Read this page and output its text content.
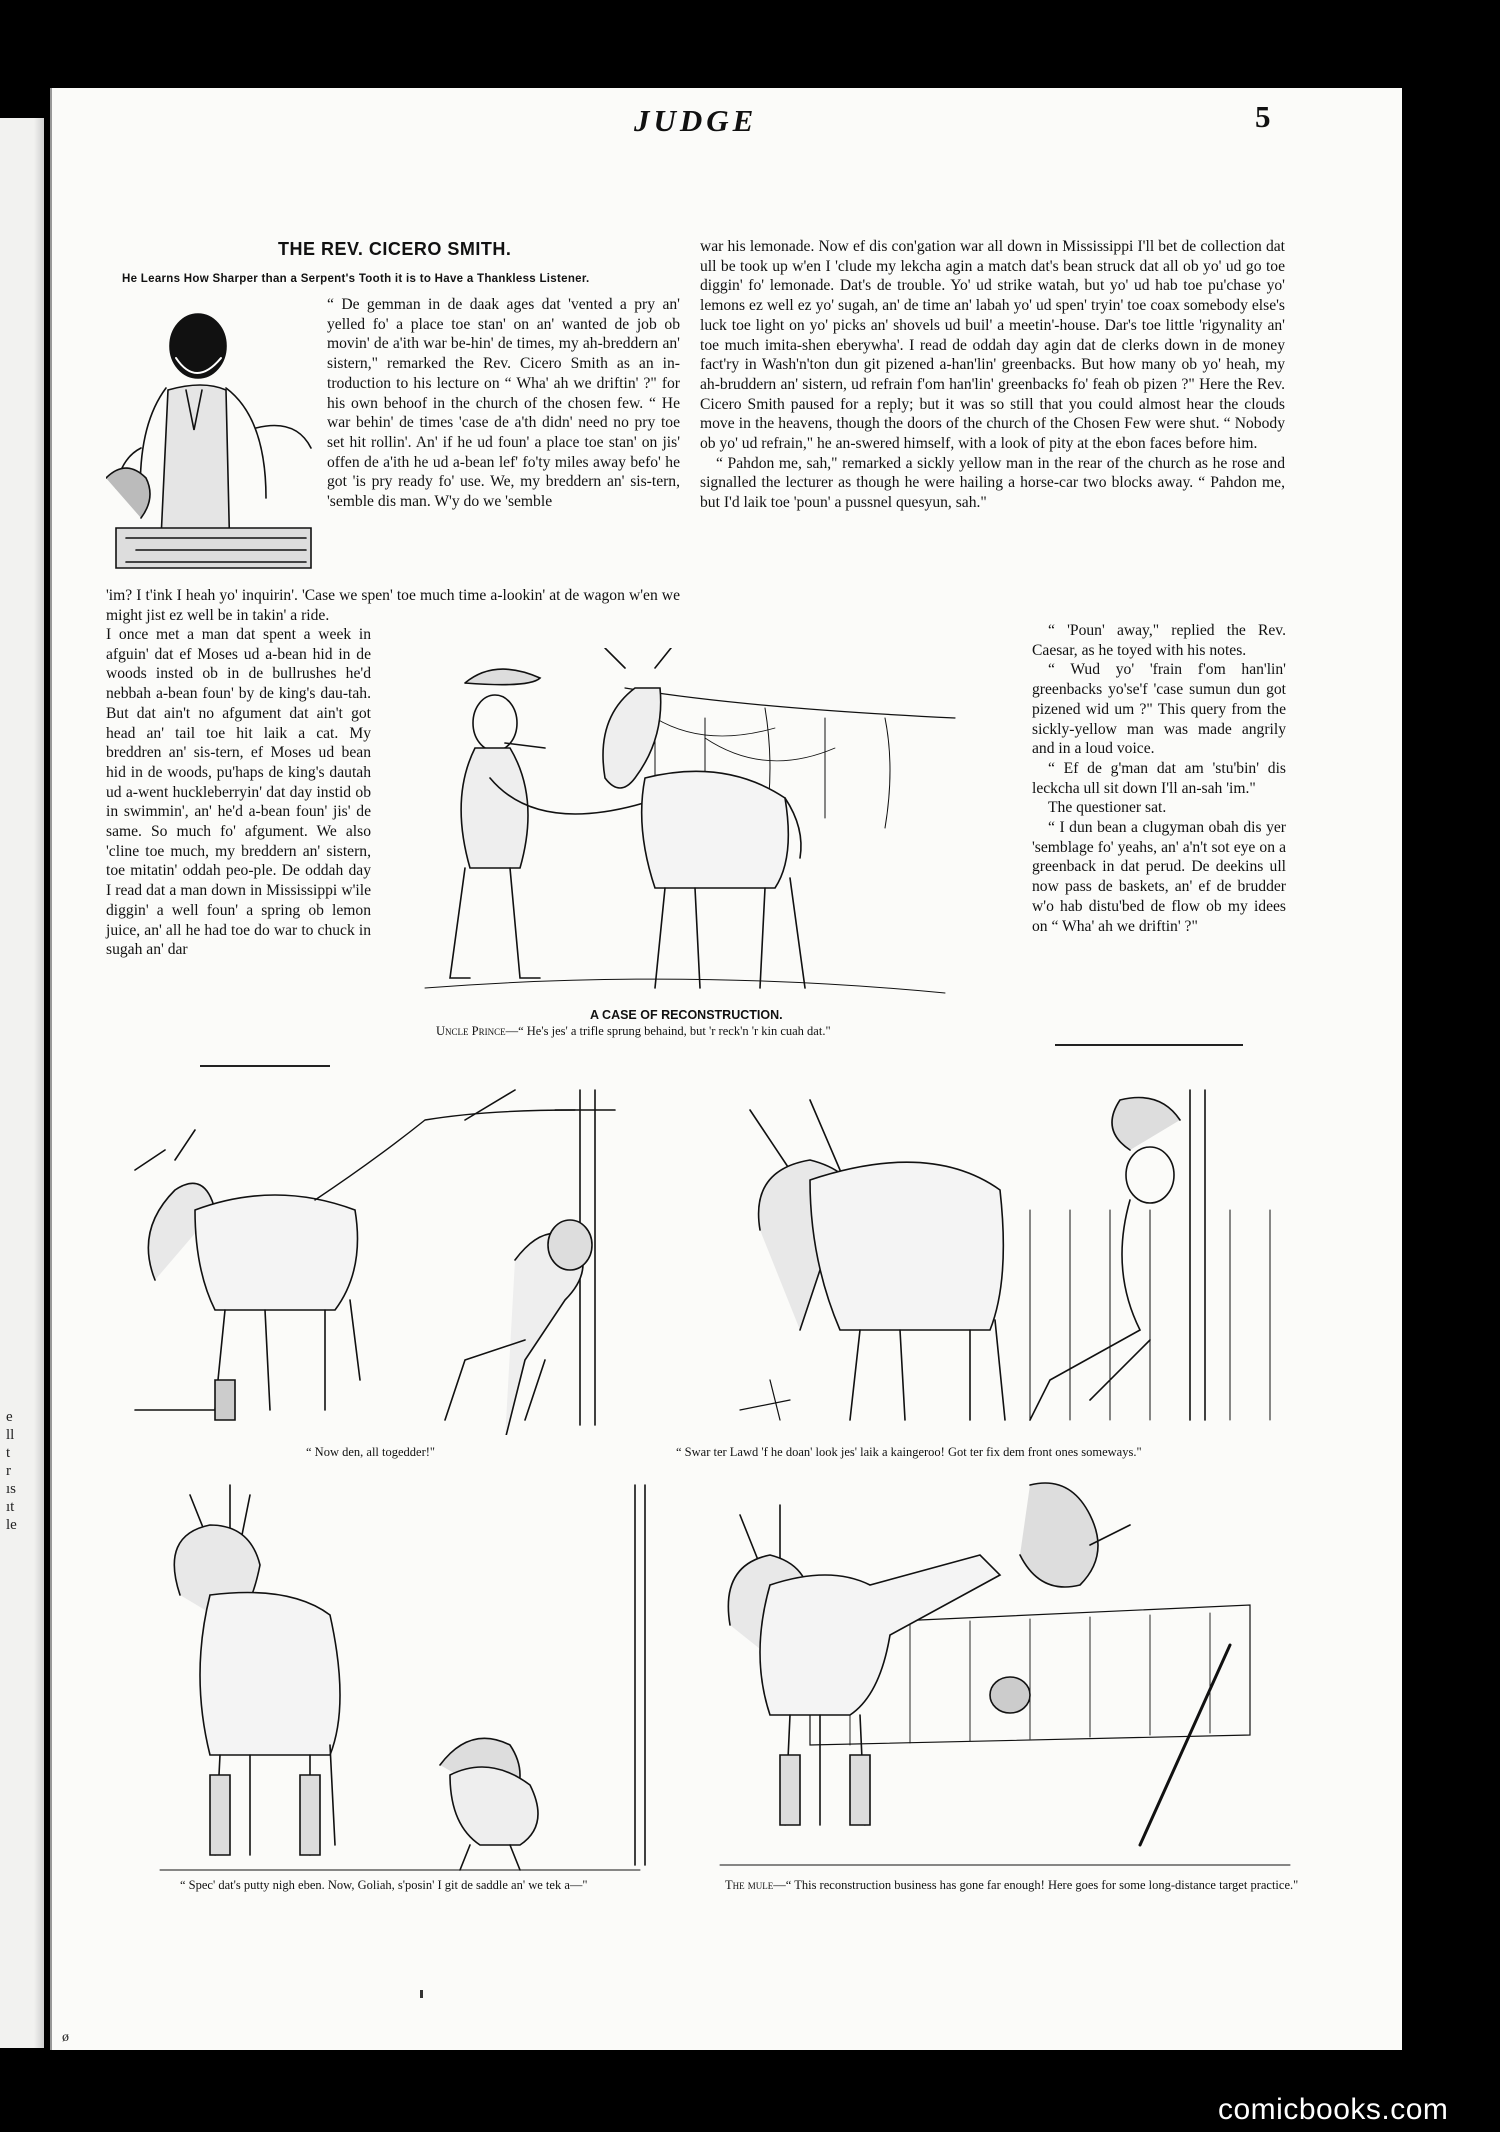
e
ll
t
r
ıs
ıt
le
JUDGE	5
THE REV. CICERO SMITH.
He Learns How Sharper than a Serpent's Tooth it is to Have a Thankless Listener.
“ De gemman in de daak ages dat 'vented a pry an' yelled fo' a place toe stan' on an' wanted de job ob movin' de a'ith war be-hin' de times, my ah-breddern an' sistern," remarked the Rev. Cicero Smith as an in-troduction to his lecture on “ Wha' ah we driftin' ?" for his own behoof in the church of the chosen few. “ He war behin' de times 'case de a'th didn' need no pry toe set hit rollin'. An' if he ud foun' a place toe stan' on jis' offen de a'ith he ud a-bean lef' fo'ty miles away befo' he got 'is pry ready fo' use. We, my breddern an' sis-tern, 'semble dis man. W'y do we 'semble
'im? I t'ink I heah yo' inquirin'. 'Case we spen' toe much time a-lookin' at de wagon w'en we might jist ez well be in takin' a ride.
I once met a man dat spent a week in afguin' dat ef Moses ud a-bean hid in de woods insted ob in de bullrushes he'd nebbah a-bean foun' by de king's dau-tah. But dat ain't no afgument dat ain't got head an' tail toe hit laik a cat. My breddren an' sis-tern, ef Moses ud bean hid in de woods, pu'haps de king's dautah ud a-went huckleberryin' dat day instid ob in swimmin', an' he'd a-bean foun' jis' de same. So much fo' afgument. We also 'cline toe much, my breddern an' sistern, toe mitatin' oddah peo-ple. De oddah day I read dat a man down in Mississippi w'ile diggin' a well foun' a spring ob lemon juice, an' all he had toe do war to chuck in sugah an' dar
war his lemonade. Now ef dis con'gation war all down in Mississippi I'll bet de collection dat ull be took up w'en I 'clude my lekcha agin a match dat's bean struck dat all ob yo' ud go toe diggin' fo' lemonade. Dat's de trouble. Yo' ud strike watah, but yo' ud hab toe pu'chase yo' lemons ez well ez yo' sugah, an' de time an' labah yo' ud spen' tryin' toe coax somebody else's luck toe light on yo' picks an' shovels ud buil' a meetin'-house. Dar's toe little 'rigynality an' toe much imita-shen eberywha'. I read de oddah day agin dat de clerks down in de money fact'ry in Wash'n'ton dun git pizened a-han'lin' greenbacks. But how many ob yo' heah, my ah-bruddern an' sistern, ud refrain f'om han'lin' greenbacks fo' feah ob pizen ?" Here the Rev. Cicero Smith paused for a reply; but it was so still that you could almost hear the clouds move in the heavens, though the doors of the church of the Chosen Few were shut. “ Nobody ob yo' ud refrain," he an-swered himself, with a look of pity at the ebon faces before him.

“ Pahdon me, sah," remarked a sickly yellow man in the rear of the church as he rose and signalled the lecturer as though he were hailing a horse-car two blocks away. “ Pahdon me, but I'd laik toe 'poun' a pussnel quesyun, sah."

“ 'Poun' away," replied the Rev. Caesar, as he toyed with his notes.

“ Wud yo' 'frain f'om han'lin' greenbacks yo'se'f 'case sumun dun got pizened wid um ?" This query from the sickly-yellow man was made angrily and in a loud voice.

“ Ef de g'man dat am 'stu'bin' dis leckcha ull sit down I'll an-sah 'im."

The questioner sat.

“ I dun bean a clugyman obah dis yer 'semblage fo' yeahs, an' a'n't sot eye on a greenback in dat perud. De deekins ull now pass de baskets, an' ef de brudder w'o hab distu'bed de flow ob my idees on “ Wha' ah we driftin' ?"

A CASE OF RECONSTRUCTION.
Uncle Prince—“ He's jes' a trifle sprung behaind, but 'r reck'n 'r kin cuah dat."
“ Now den, all togedder!"	“ Swar ter Lawd 'f he doan' look jes' laik a kaingeroo! Got ter fix dem front ones someways."
“ Spec' dat's putty nigh eben. Now, Goliah, s'posin' I git de saddle an' we tek a—"	The mule—“ This reconstruction business has gone far enough! Here goes for some long-distance target practice."
ø
comicbooks.com
